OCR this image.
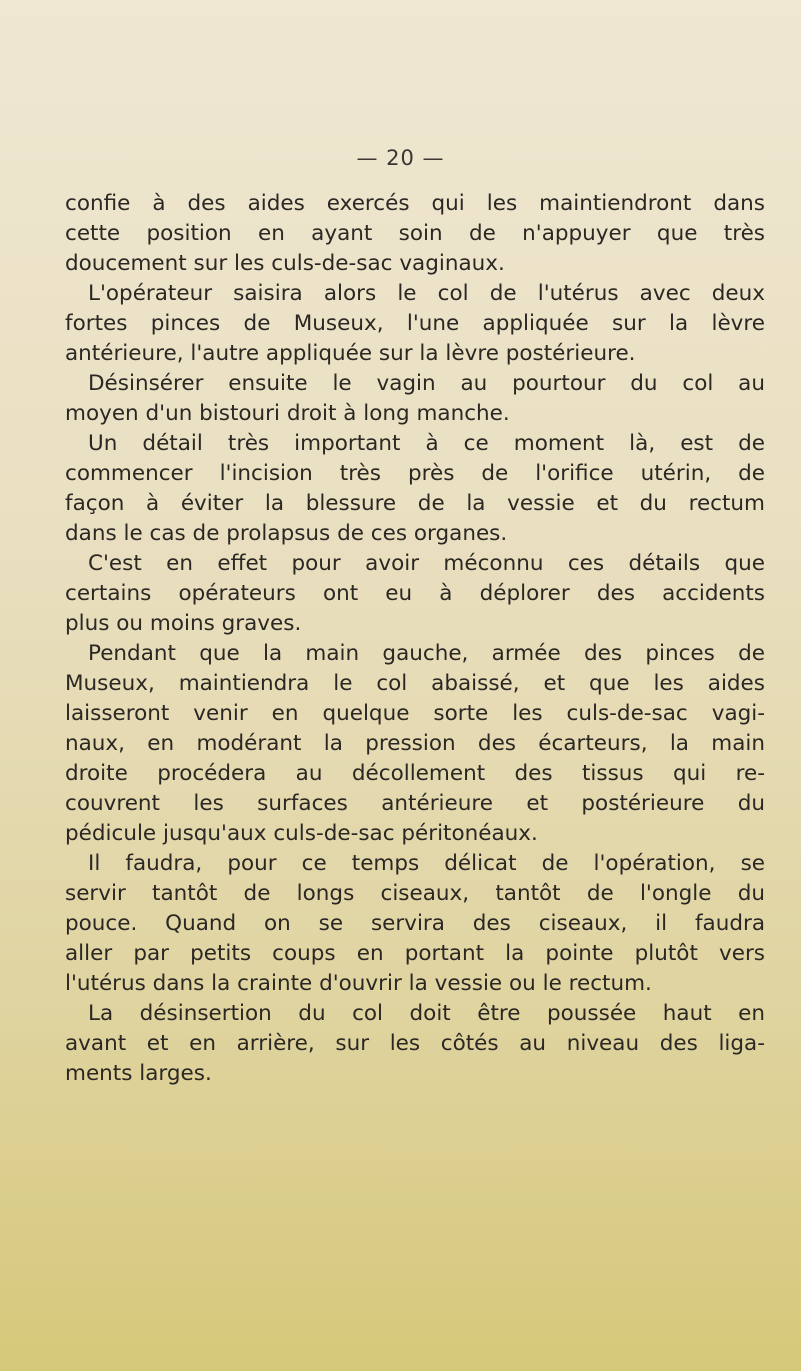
— 20 —
confie à des aides exercés qui les maintiendront dans
cette position en ayant soin de n'appuyer que très
doucement sur les culs-de-sac vaginaux.
L'opérateur saisira alors le col de l'utérus avec deux
fortes pinces de Museux, l'une appliquée sur la lèvre
antérieure, l'autre appliquée sur la lèvre postérieure.
Désinsérer ensuite le vagin au pourtour du col au
moyen d'un bistouri droit à long manche.
Un détail très important à ce moment là, est de
commencer l'incision très près de l'orifice utérin, de
façon à éviter la blessure de la vessie et du rectum
dans le cas de prolapsus de ces organes.
C'est en effet pour avoir méconnu ces détails que
certains opérateurs ont eu à déplorer des accidents
plus ou moins graves.
Pendant que la main gauche, armée des pinces de
Museux, maintiendra le col abaissé, et que les aides
laisseront venir en quelque sorte les culs-de-sac vagi-
naux, en modérant la pression des écarteurs, la main
droite procédera au décollement des tissus qui re-
couvrent les surfaces antérieure et postérieure du
pédicule jusqu'aux culs-de-sac péritonéaux.
Il faudra, pour ce temps délicat de l'opération, se
servir tantôt de longs ciseaux, tantôt de l'ongle du
pouce. Quand on se servira des ciseaux, il faudra
aller par petits coups en portant la pointe plutôt vers
l'utérus dans la crainte d'ouvrir la vessie ou le rectum.
La désinsertion du col doit être poussée haut en
avant et en arrière, sur les côtés au niveau des liga-
ments larges.
